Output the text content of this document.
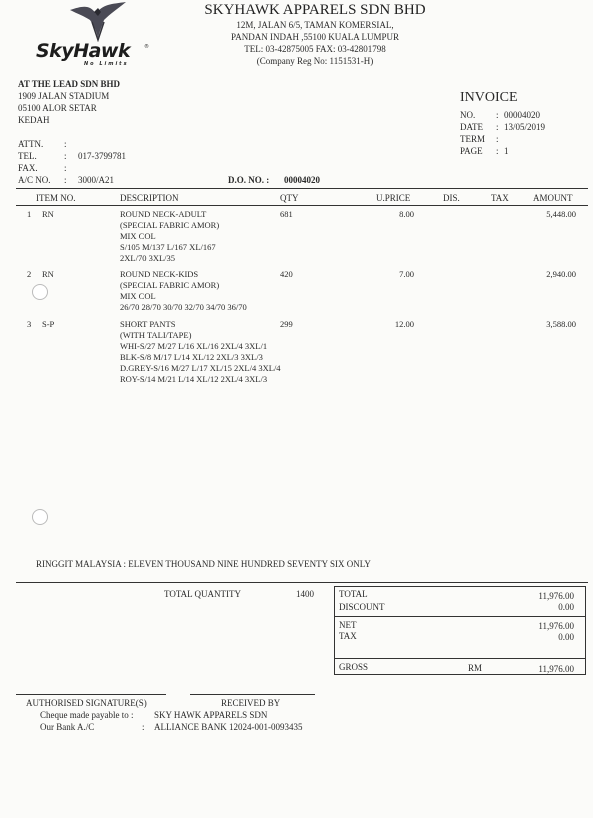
SkyHawk	®
No Limits
SKYHAWK APPARELS SDN BHD
12M, JALAN 6/5, TAMAN KOMERSIAL,
PANDAN INDAH ,55100 KUALA LUMPUR
TEL: 03-42875005 FAX: 03-42801798
(Company Reg No: 1151531-H)
AT THE LEAD SDN BHD
1909 JALAN STADIUM
05100 ALOR SETAR
KEDAH
ATTN. :
TEL.	: 017-3799781
FAX.	:
A/C NO. : 3000/A21	D.O. NO. : 00004020
INVOICE
NO. : 00004020
DATE : 13/05/2019
TERM :
PAGE : 1
ITEM NO.	DESCRIPTION	QTY	U.PRICE	DIS.	TAX	AMOUNT
1 RN	ROUND NECK-ADULT
(SPECIAL FABRIC AMOR)
MIX COL
S/105 M/137 L/167 XL/167
2XL/70 3XL/35
681	8.00	5,448.00
2 RN	ROUND NECK-KIDS
(SPECIAL FABRIC AMOR)
MIX COL
26/70 28/70 30/70 32/70 34/70 36/70
420	7.00	2,940.00
3 S-P	SHORT PANTS
(WITH TALI/TAPE)
WHI-S/27 M/27 L/16 XL/16 2XL/4 3XL/1
BLK-S/8 M/17 L/14 XL/12 2XL/3 3XL/3
D.GREY-S/16 M/27 L/17 XL/15 2XL/4 3XL/4
ROY-S/14 M/21 L/14 XL/12 2XL/4 3XL/3
299	12.00	3,588.00
RINGGIT MALAYSIA : ELEVEN THOUSAND NINE HUNDRED SEVENTY SIX ONLY
TOTAL QUANTITY	1400	TOTAL	11,976.00
DISCOUNT	0.00
NET	11,976.00
TAX	0.00
GROSS	RM	11,976.00
AUTHORISED SIGNATURE(S)	RECEIVED BY
Cheque made payable to : SKY HAWK APPARELS SDN
Our Bank A./C	: ALLIANCE BANK 12024-001-0093435
